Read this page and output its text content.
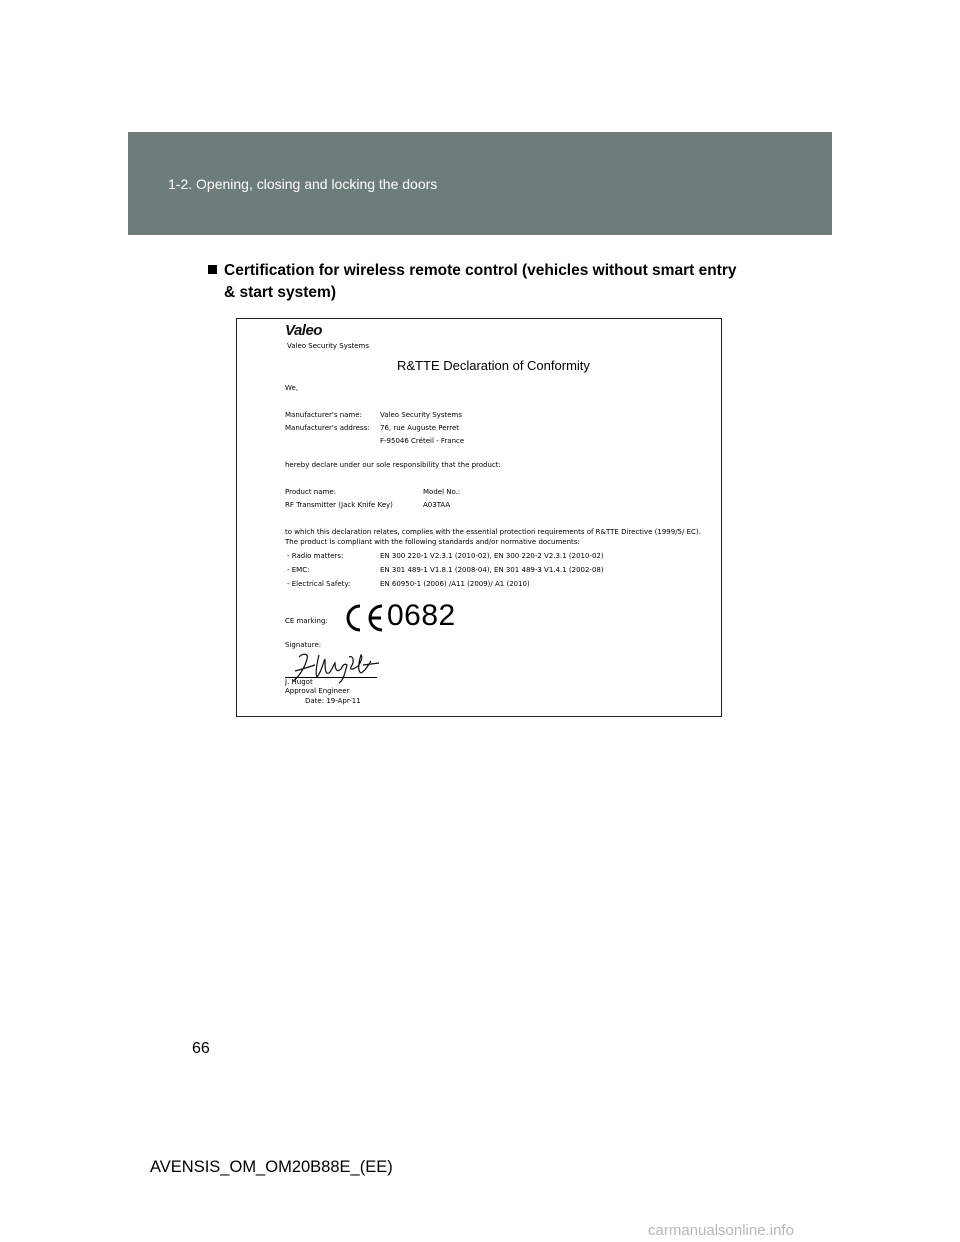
1-2. Opening, closing and locking the doors
Certification for wireless remote control (vehicles without smart entry
& start system)
Valeo
Valeo Security Systems
R&TTE Declaration of Conformity
We,
Manufacturer's name:	Valeo Security Systems
Manufacturer's address: 76, rue Auguste Perret
F-95046 Créteil - France
hereby declare under our sole responsibility that the product:
Product name:	Model No.:
RF Transmitter (Jack Knife Key)	A03TAA
to which this declaration relates, complies with the essential protection requirements of R&TTE Directive (1999/5/ EC).
The product is compliant with the following standards and/or normative documents:
- Radio matters:	EN 300 220-1 V2.3.1 (2010-02), EN 300 220-2 V2.3.1 (2010-02)
- EMC:	EN 301 489-1 V1.8.1 (2008-04), EN 301 489-3 V1.4.1 (2002-08)
- Electrical Safety:	EN 60950-1 (2006) /A11 (2009)/ A1 (2010)
CE marking: 0682
Signature:
J. Hugot
Approval Engineer
Date: 19-Apr-11
66
AVENSIS_OM_OM20B88E_(EE)
carmanualsonline.info
